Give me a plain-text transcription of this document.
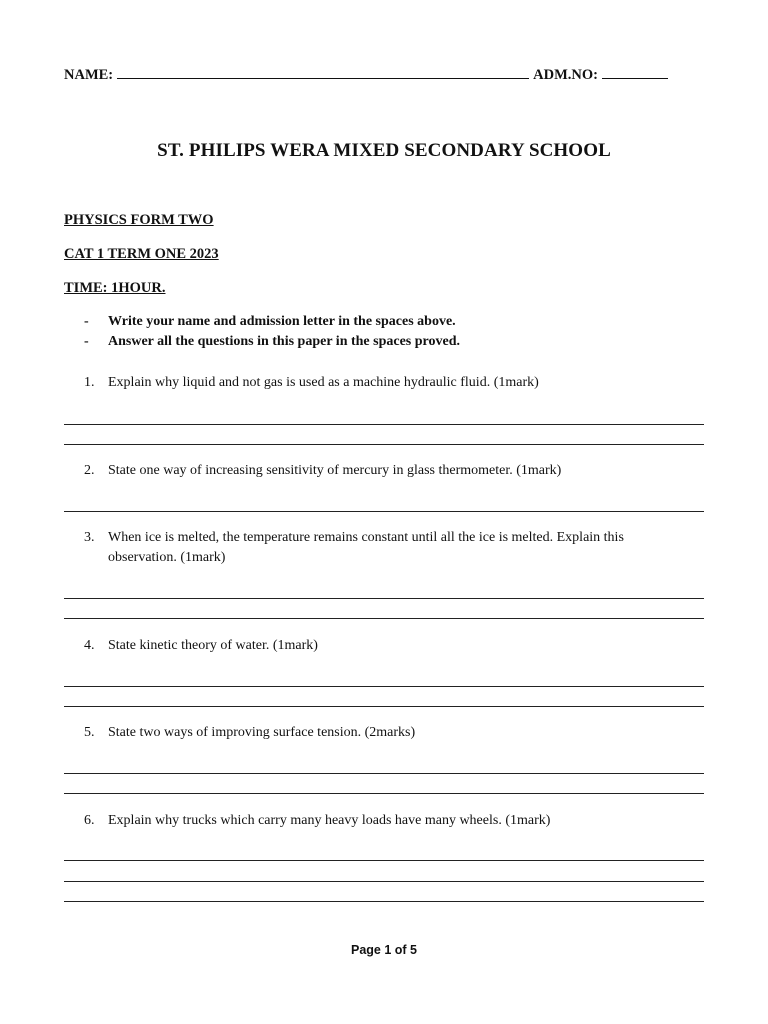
NAME:	ADM.NO:
ST. PHILIPS WERA MIXED SECONDARY SCHOOL
PHYSICS FORM TWO
CAT 1 TERM ONE 2023
TIME: 1HOUR.
-	Write your name and admission letter in the spaces above.
-	Answer all the questions in this paper in the spaces proved.
1. Explain why liquid and not gas is used as a machine hydraulic fluid. (1mark)
2. State one way of increasing sensitivity of mercury in glass thermometer. (1mark)
3. When ice is melted, the temperature remains constant until all the ice is melted. Explain this observation. (1mark)
4. State kinetic theory of water. (1mark)
5. State two ways of improving surface tension. (2marks)
6. Explain why trucks which carry many heavy loads have many wheels. (1mark)
Page 1 of 5
